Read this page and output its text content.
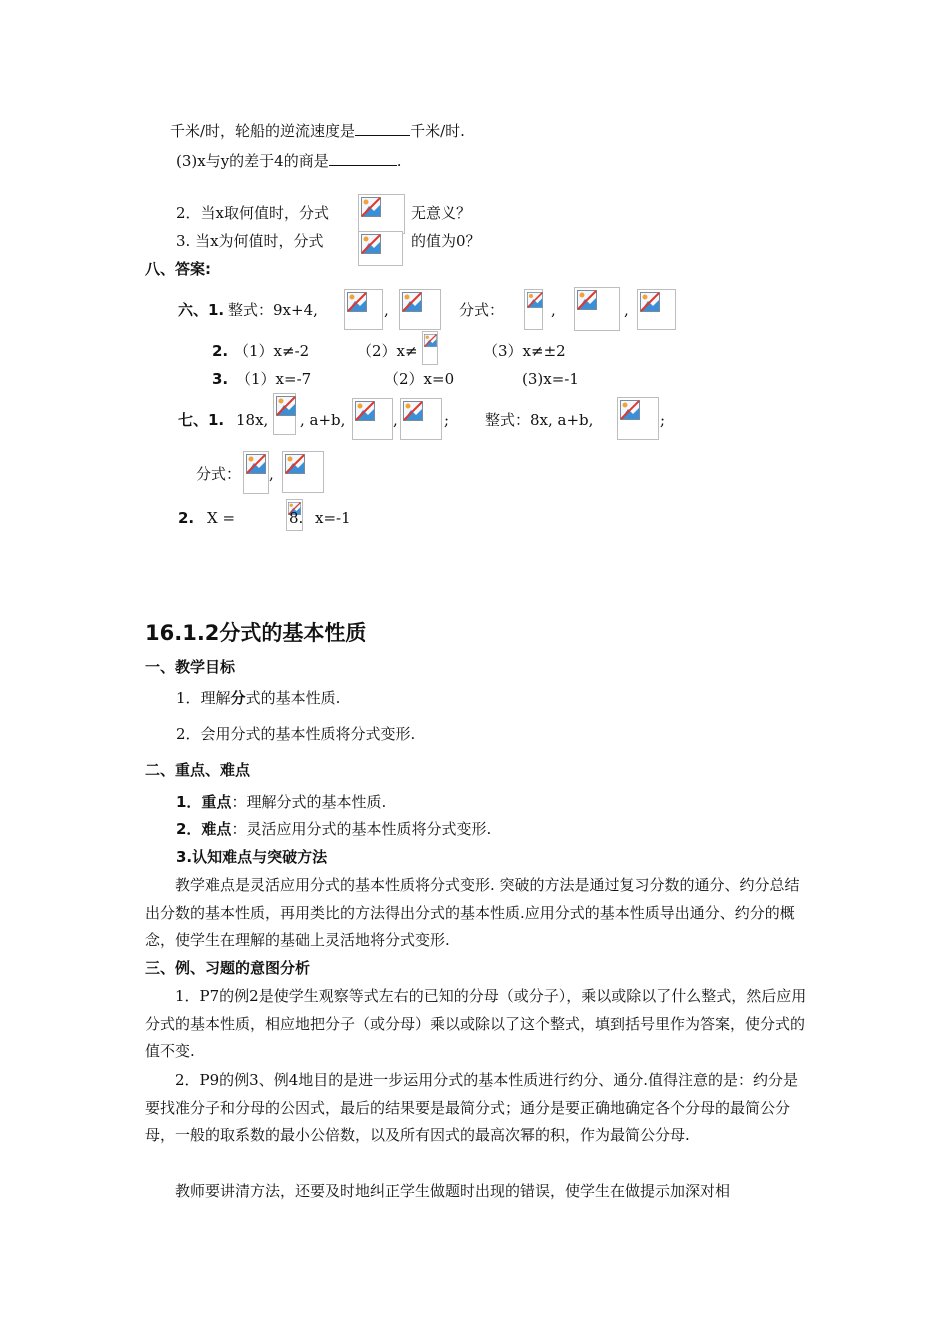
千米/时，轮船的逆流速度是	千米/时.
(3)x与y的差于4的商是	.
2．当x取何值时，分式	无意义？
3. 当x为何值时，分式	的值为0？
八、答案:
六、1. 整式：9x+4,	,	分式：	,	,
2. （1）x≠-2	（2）x≠	（3）x≠±2
3. （1）x=-7	（2）x=0	(3)x=-1
七、1. 18x, , a+b,	,	; 整式：8x, a+b,	;
分式： ,
2. X =	8. x=-1
16.1.2分式的基本性质
一、教学目标
1．理解分式的基本性质.
2．会用分式的基本性质将分式变形.
二、重点、难点
1．重点：理解分式的基本性质.
2．难点：灵活应用分式的基本性质将分式变形.
3.认知难点与突破方法
教学难点是灵活应用分式的基本性质将分式变形. 突破的方法是通过复习分数的通分、约分总结出分数的基本性质，再用类比的方法得出分式的基本性质.应用分式的基本性质导出通分、约分的概念，使学生在理解的基础上灵活地将分式变形.
三、例、习题的意图分析
1．P7的例2是使学生观察等式左右的已知的分母（或分子），乘以或除以了什么整式，然后应用分式的基本性质，相应地把分子（或分母）乘以或除以了这个整式，填到括号里作为答案，使分式的值不变.
2．P9的例3、例4地目的是进一步运用分式的基本性质进行约分、通分.值得注意的是：约分是要找准分子和分母的公因式，最后的结果要是最简分式；通分是要正确地确定各个分母的最简公分母，一般的取系数的最小公倍数，以及所有因式的最高次幂的积，作为最简公分母.
教师要讲清方法，还要及时地纠正学生做题时出现的错误，使学生在做提示加深对相
